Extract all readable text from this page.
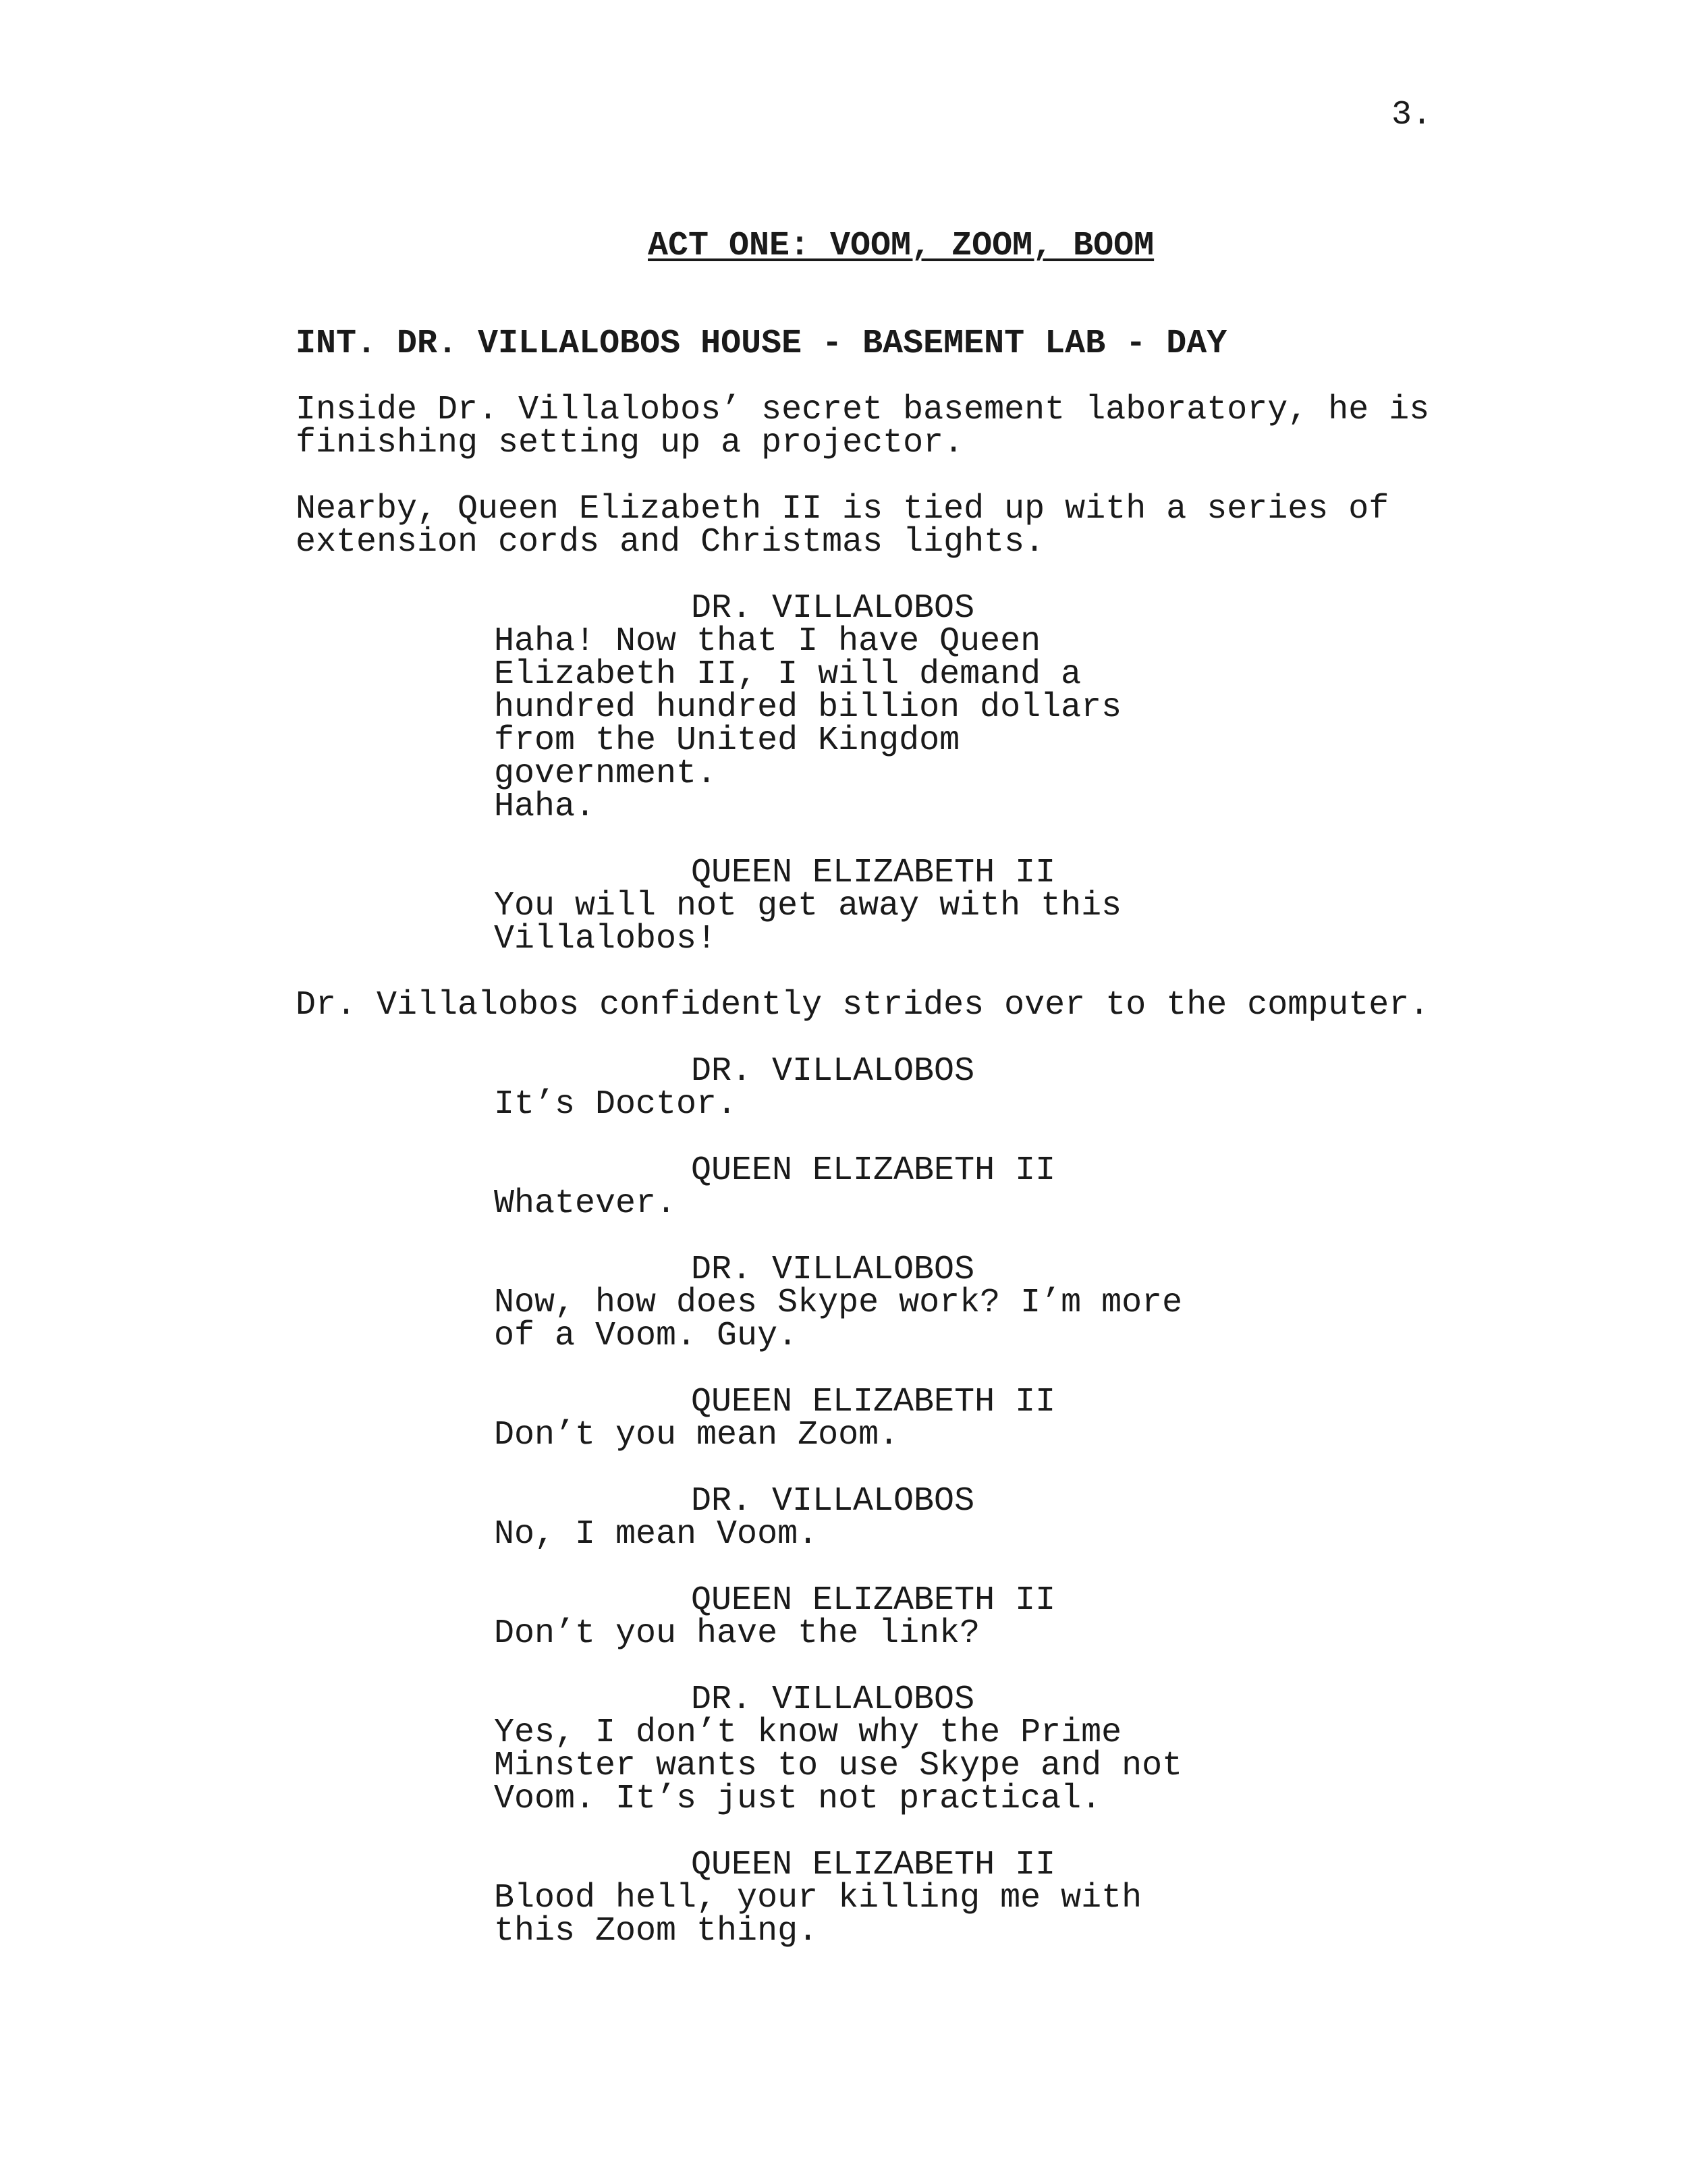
3.
ACT ONE: VOOM, ZOOM, BOOM
INT. DR. VILLALOBOS HOUSE - BASEMENT LAB - DAY
Inside Dr. Villalobos’ secret basement laboratory, he is
finishing setting up a projector.
Nearby, Queen Elizabeth II is tied up with a series of
extension cords and Christmas lights.
DR. VILLALOBOS
Haha! Now that I have Queen
Elizabeth II, I will demand a
hundred hundred billion dollars
from the United Kingdom government.
Haha.
QUEEN ELIZABETH II
You will not get away with this
Villalobos!
Dr. Villalobos confidently strides over to the computer.
DR. VILLALOBOS
It’s Doctor.
QUEEN ELIZABETH II
Whatever.
DR. VILLALOBOS
Now, how does Skype work? I’m more
of a Voom. Guy.
QUEEN ELIZABETH II
Don’t you mean Zoom.
DR. VILLALOBOS
No, I mean Voom.
QUEEN ELIZABETH II
Don’t you have the link?
DR. VILLALOBOS
Yes, I don’t know why the Prime
Minster wants to use Skype and not
Voom. It’s just not practical.
QUEEN ELIZABETH II
Blood hell, your killing me with
this Zoom thing.
